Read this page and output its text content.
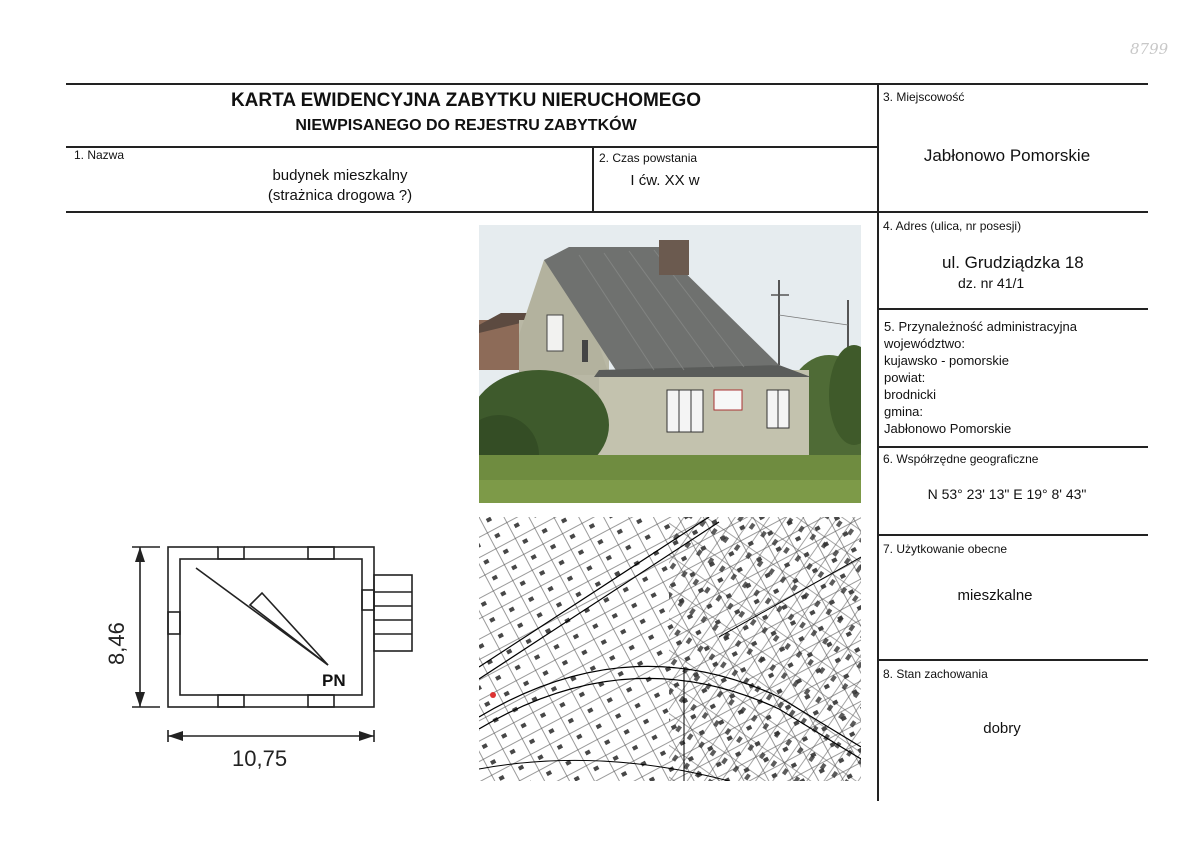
8799
KARTA EWIDENCYJNA ZABYTKU NIERUCHOMEGO
NIEWPISANEGO DO REJESTRU ZABYTKÓW
1. Nazwa
budynek mieszkalny
(strażnica drogowa ?)
2. Czas powstania
I ćw. XX w
3. Miejscowość
Jabłonowo Pomorskie
4. Adres (ulica, nr posesji)
ul. Grudziądzka 18
dz. nr 41/1
5. Przynależność administracyjna
województwo:
kujawsko - pomorskie
powiat:
brodnicki
gmina:
Jabłonowo Pomorskie
6. Współrzędne geograficzne
N 53° 23' 13" E 19° 8' 43"
7. Użytkowanie obecne
mieszkalne
8. Stan zachowania
dobry
PN
8,46
10,75
